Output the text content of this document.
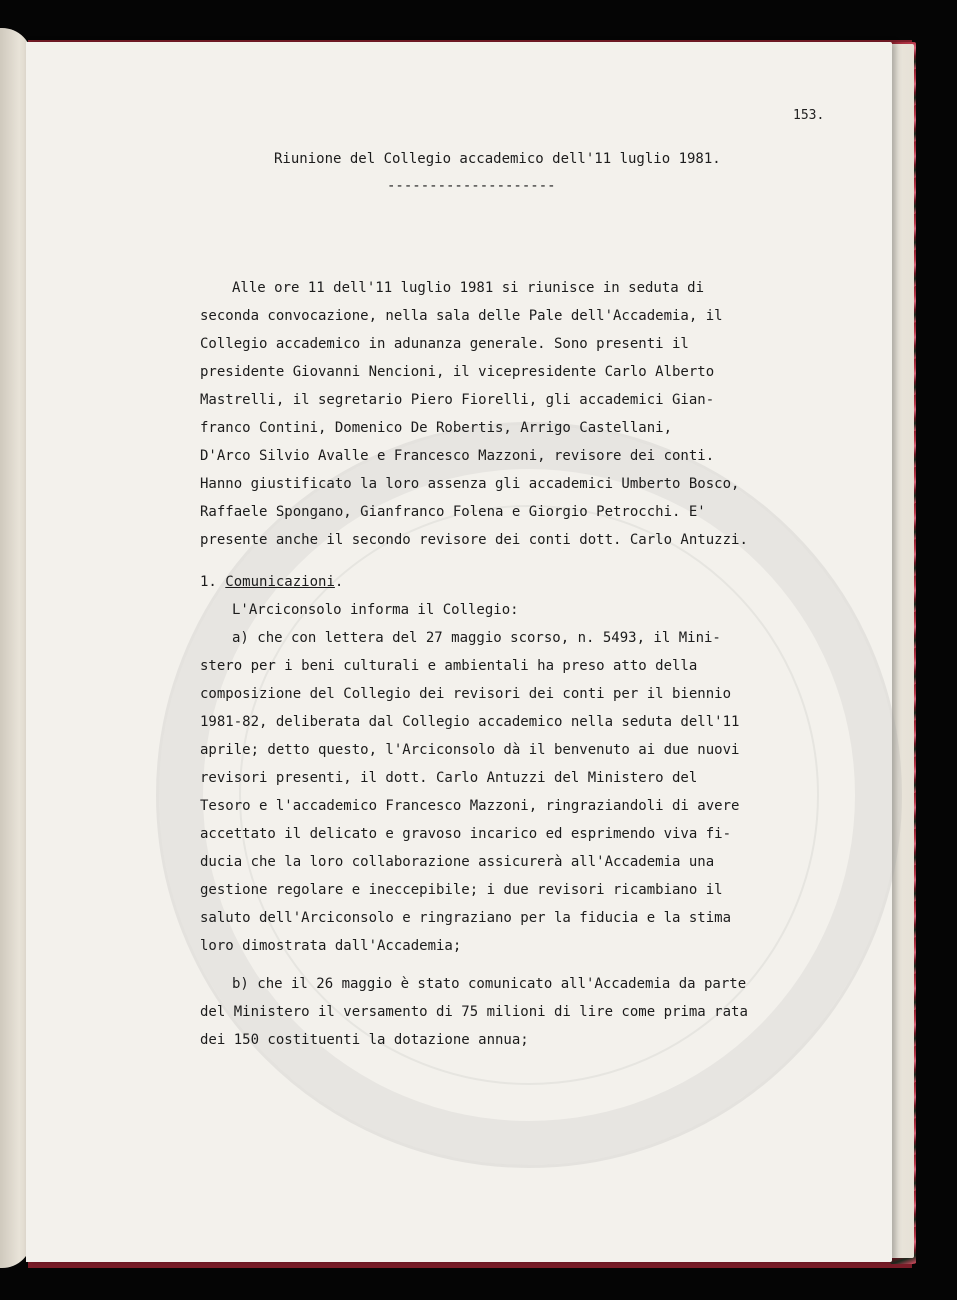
153.
Riunione del Collegio accademico dell'11 luglio 1981.
--------------------
Alle ore 11 dell'11 luglio 1981 si riunisce in seduta di
seconda convocazione, nella sala delle Pale dell'Accademia, il
Collegio accademico in adunanza generale. Sono presenti il
presidente Giovanni Nencioni, il vicepresidente Carlo Alberto
Mastrelli, il segretario Piero Fiorelli, gli accademici Gian-
franco Contini, Domenico De Robertis, Arrigo Castellani,
D'Arco Silvio Avalle e Francesco Mazzoni, revisore dei conti.
Hanno giustificato la loro assenza gli accademici Umberto Bosco,
Raffaele Spongano, Gianfranco Folena e Giorgio Petrocchi. E'
presente anche il secondo revisore dei conti dott. Carlo Antuzzi.
1. Comunicazioni.
L'Arciconsolo informa il Collegio:
a) che con lettera del 27 maggio scorso, n. 5493, il Mini-
stero per i beni culturali e ambientali ha preso atto della
composizione del Collegio dei revisori dei conti per il biennio
1981-82, deliberata dal Collegio accademico nella seduta dell'11
aprile; detto questo, l'Arciconsolo dà il benvenuto ai due nuovi
revisori presenti, il dott. Carlo Antuzzi del Ministero del
Tesoro e l'accademico Francesco Mazzoni, ringraziandoli di avere
accettato il delicato e gravoso incarico ed esprimendo viva fi-
ducia che la loro collaborazione assicurerà all'Accademia una
gestione regolare e ineccepibile; i due revisori ricambiano il
saluto dell'Arciconsolo e ringraziano per la fiducia e la stima
loro dimostrata dall'Accademia;
b) che il 26 maggio è stato comunicato all'Accademia da parte
del Ministero il versamento di 75 milioni di lire come prima rata
dei 150 costituenti la dotazione annua;
